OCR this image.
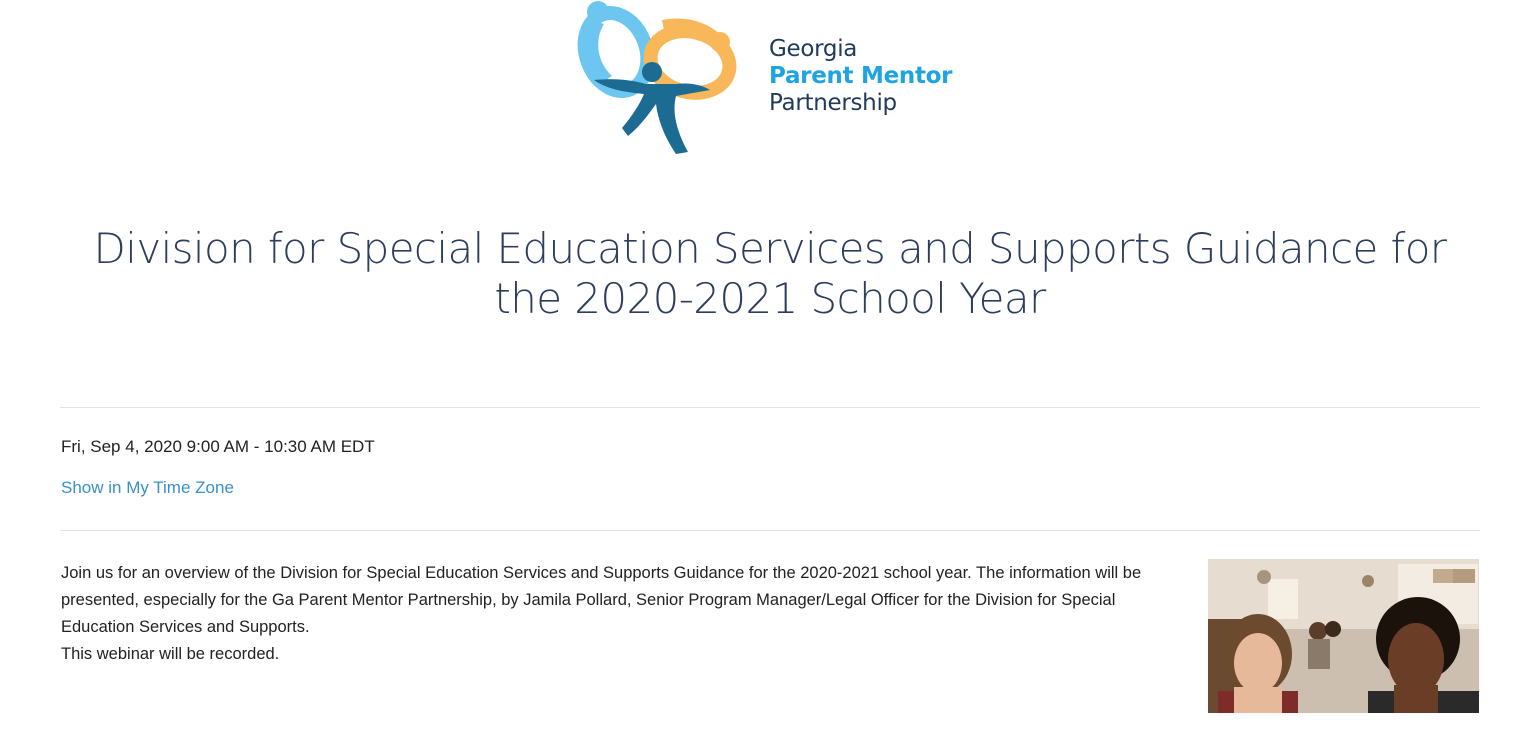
Georgia
Parent Mentor
Partnership
Division for Special Education Services and Supports Guidance for the 2020-2021 School Year
Fri, Sep 4, 2020 9:00 AM - 10:30 AM EDT
Show in My Time Zone

Join us for an overview of the Division for Special Education Services and Supports Guidance for the 2020-2021 school year. The information will be presented, especially for the Ga Parent Mentor Partnership, by Jamila Pollard, Senior Program Manager/Legal Officer for the Division for Special Education Services and Supports.

This webinar will be recorded.
